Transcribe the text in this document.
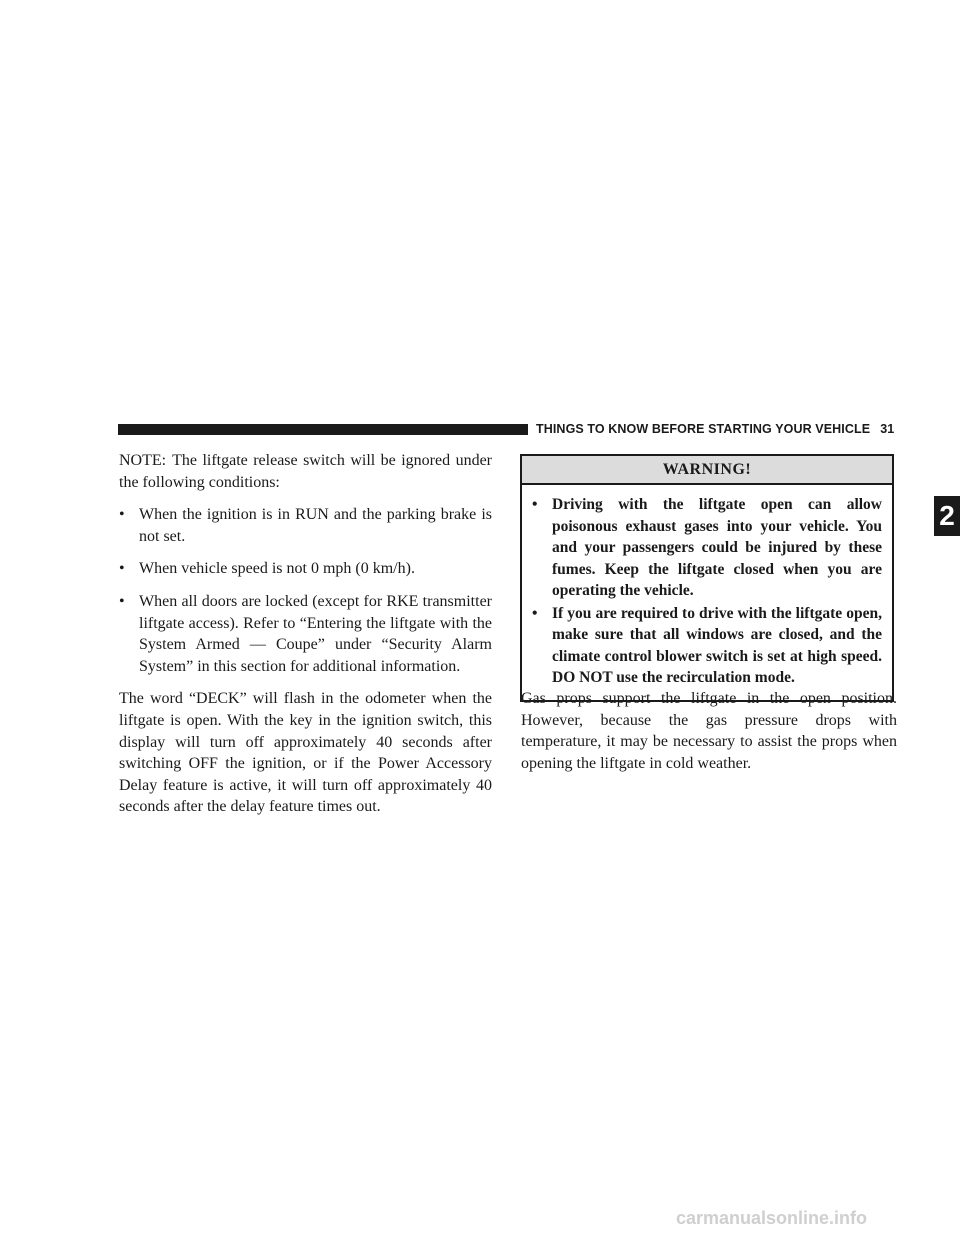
THINGS TO KNOW BEFORE STARTING YOUR VEHICLE 31
2

NOTE: The liftgate release switch will be ignored under the following conditions:

• When the ignition is in RUN and the parking brake is not set.
• When vehicle speed is not 0 mph (0 km/h).
• When all doors are locked (except for RKE transmitter liftgate access). Refer to “Entering the liftgate with the System Armed — Coupe” under “Security Alarm System” in this section for additional information.

The word “DECK” will flash in the odometer when the liftgate is open. With the key in the ignition switch, this display will turn off approximately 40 seconds after switching OFF the ignition, or if the Power Accessory Delay feature is active, it will turn off approximately 40 seconds after the delay feature times out.

WARNING!
• Driving with the liftgate open can allow poisonous exhaust gases into your vehicle. You and your passengers could be injured by these fumes. Keep the liftgate closed when you are operating the vehicle.
• If you are required to drive with the liftgate open, make sure that all windows are closed, and the climate control blower switch is set at high speed. DO NOT use the recirculation mode.

Gas props support the liftgate in the open position. However, because the gas pressure drops with temperature, it may be necessary to assist the props when opening the liftgate in cold weather.

carmanualsonline.info
